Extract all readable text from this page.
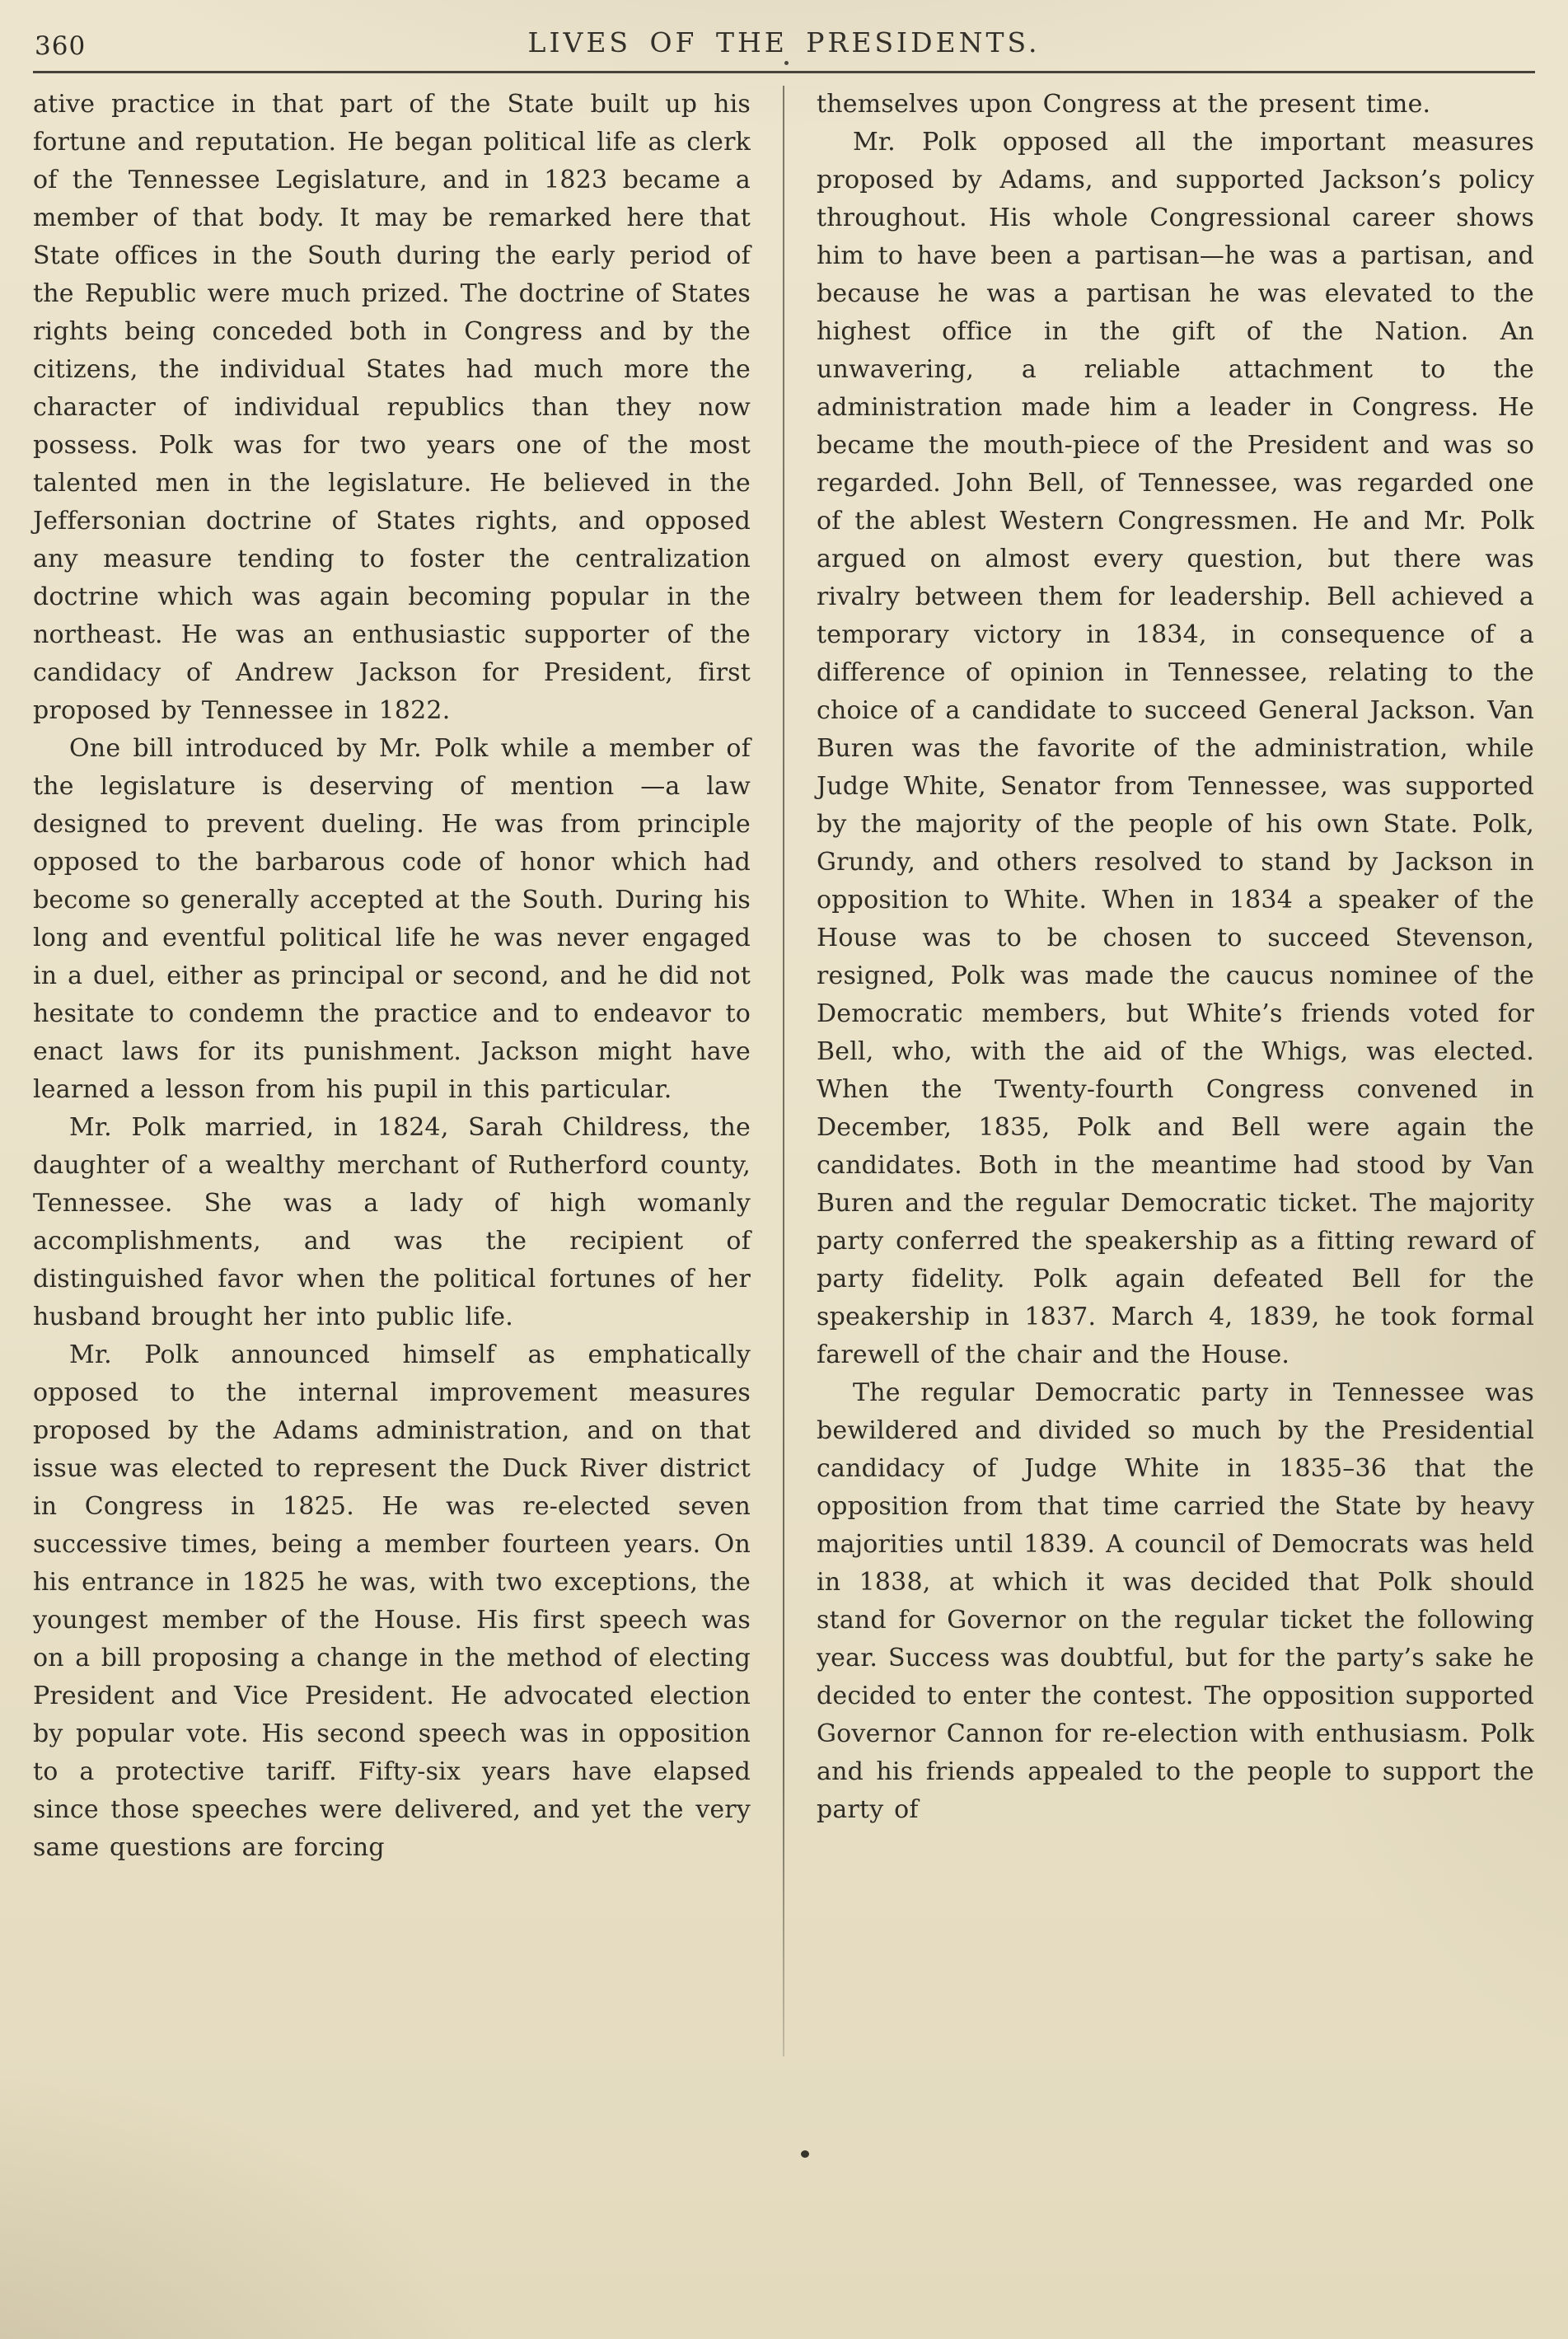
360	LIVES OF THE PRESIDENTS.

ative practice in that part of the State built up his fortune and reputation. He began political life as clerk of the Tennessee Legislature, and in 1823 became a member of that body. It may be remarked here that State offices in the South during the early period of the Republic were much prized. The doctrine of States rights being conceded both in Congress and by the citizens, the individual States had much more the character of individual republics than they now possess. Polk was for two years one of the most talented men in the legislature. He believed in the Jeffersonian doctrine of States rights, and opposed any measure tending to foster the centralization doctrine which was again becoming popular in the northeast. He was an enthusiastic supporter of the candidacy of Andrew Jackson for President, first proposed by Tennessee in 1822.

One bill introduced by Mr. Polk while a member of the legislature is deserving of mention —a law designed to prevent dueling. He was from principle opposed to the barbarous code of honor which had become so generally accepted at the South. During his long and eventful political life he was never engaged in a duel, either as principal or second, and he did not hesitate to condemn the practice and to endeavor to enact laws for its punishment. Jackson might have learned a lesson from his pupil in this particular.

Mr. Polk married, in 1824, Sarah Childress, the daughter of a wealthy merchant of Rutherford county, Tennessee. She was a lady of high womanly accomplishments, and was the recipient of distinguished favor when the political fortunes of her husband brought her into public life.

Mr. Polk announced himself as emphatically opposed to the internal improvement measures proposed by the Adams administration, and on that issue was elected to represent the Duck River district in Congress in 1825. He was re-elected seven successive times, being a member fourteen years. On his entrance in 1825 he was, with two exceptions, the youngest member of the House. His first speech was on a bill proposing a change in the method of electing President and Vice President. He advocated election by popular vote. His second speech was in opposition to a protective tariff. Fifty-six years have elapsed since those speeches were delivered, and yet the very same questions are forcing

themselves upon Congress at the present time.

Mr. Polk opposed all the important measures proposed by Adams, and supported Jackson’s policy throughout. His whole Congressional career shows him to have been a partisan—he was a partisan, and because he was a partisan he was elevated to the highest office in the gift of the Nation. An unwavering, a reliable attachment to the administration made him a leader in Congress. He became the mouth-piece of the President and was so regarded. John Bell, of Tennessee, was regarded one of the ablest Western Congressmen. He and Mr. Polk argued on almost every question, but there was rivalry between them for leadership. Bell achieved a temporary victory in 1834, in consequence of a difference of opinion in Tennessee, relating to the choice of a candidate to succeed General Jackson. Van Buren was the favorite of the administration, while Judge White, Senator from Tennessee, was supported by the majority of the people of his own State. Polk, Grundy, and others resolved to stand by Jackson in opposition to White. When in 1834 a speaker of the House was to be chosen to succeed Stevenson, resigned, Polk was made the caucus nominee of the Democratic members, but White’s friends voted for Bell, who, with the aid of the Whigs, was elected. When the Twenty-fourth Congress convened in December, 1835, Polk and Bell were again the candidates. Both in the meantime had stood by Van Buren and the regular Democratic ticket. The majority party conferred the speakership as a fitting reward of party fidelity. Polk again defeated Bell for the speakership in 1837. March 4, 1839, he took formal farewell of the chair and the House.

The regular Democratic party in Tennessee was bewildered and divided so much by the Presidential candidacy of Judge White in 1835–36 that the opposition from that time carried the State by heavy majorities until 1839. A council of Democrats was held in 1838, at which it was decided that Polk should stand for Governor on the regular ticket the following year. Success was doubtful, but for the party’s sake he decided to enter the contest. The opposition supported Governor Cannon for re-election with enthusiasm. Polk and his friends appealed to the people to support the party of
